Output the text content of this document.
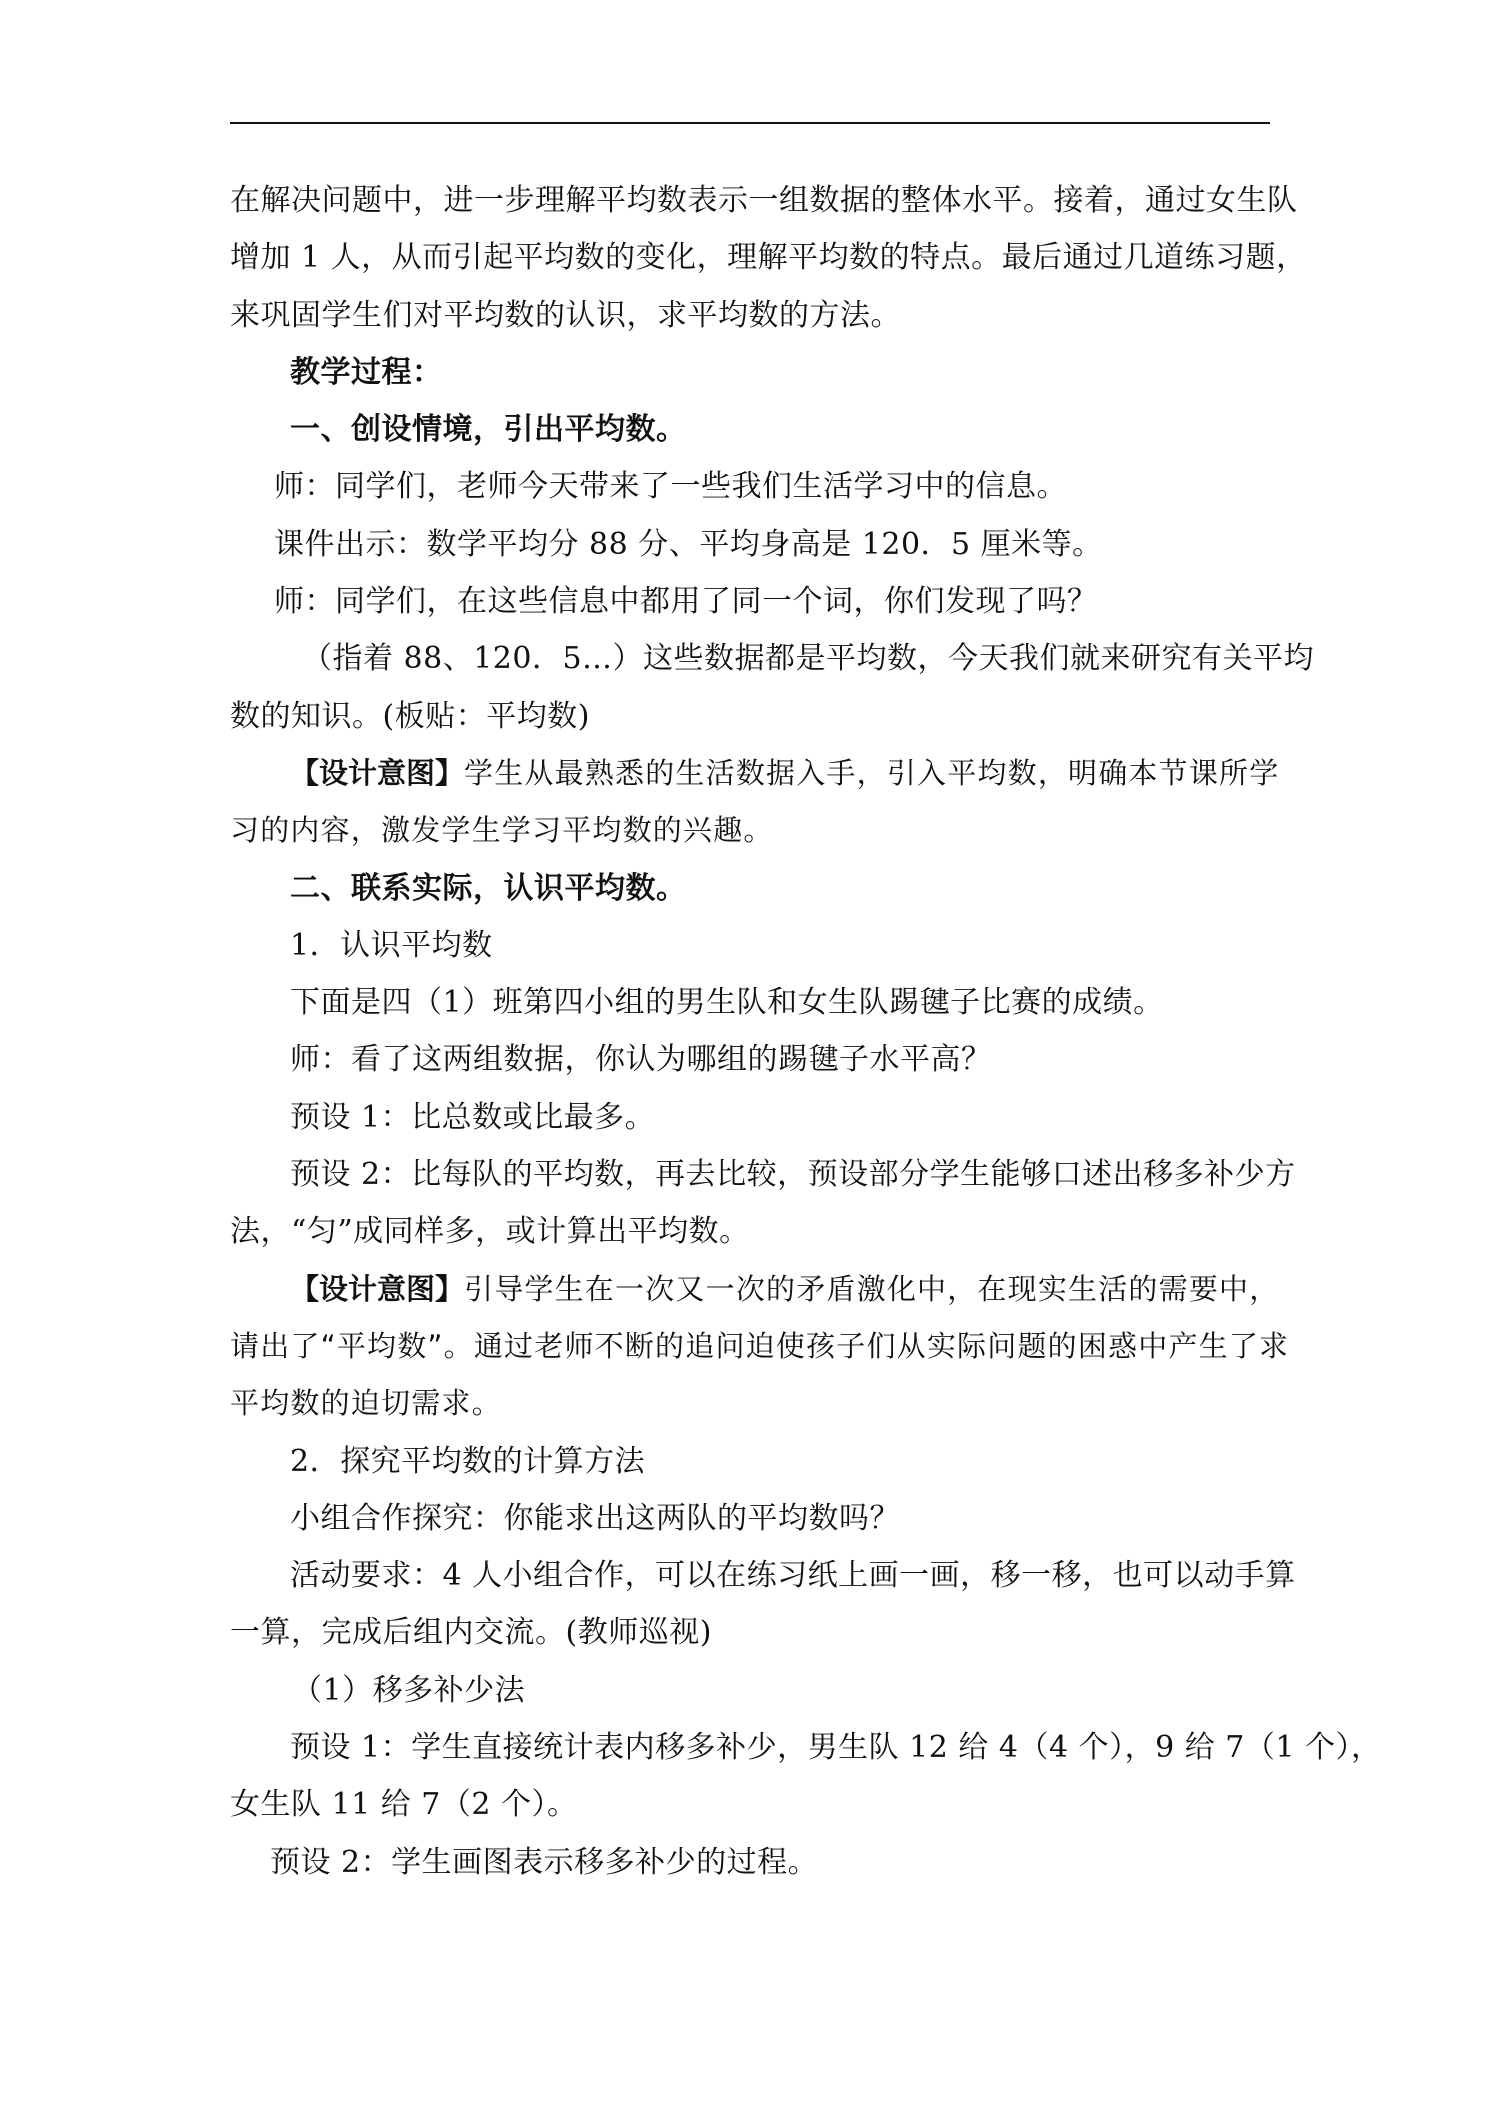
在解决问题中，进一步理解平均数表示一组数据的整体水平。接着，通过女生队
增加 1 人，从而引起平均数的变化，理解平均数的特点。最后通过几道练习题，
来巩固学生们对平均数的认识，求平均数的方法。
教学过程：
一、创设情境，引出平均数。
师：同学们，老师今天带来了一些我们生活学习中的信息。
课件出示：数学平均分 88 分、平均身高是 120．5 厘米等。
师：同学们，在这些信息中都用了同一个词，你们发现了吗？
（指着 88、120．5…）这些数据都是平均数，今天我们就来研究有关平均
数的知识。(板贴：平均数)
【设计意图】学生从最熟悉的生活数据入手，引入平均数，明确本节课所学
习的内容，激发学生学习平均数的兴趣。
二、联系实际，认识平均数。
1．认识平均数
下面是四（1）班第四小组的男生队和女生队踢毽子比赛的成绩。
师：看了这两组数据，你认为哪组的踢毽子水平高？
预设 1：比总数或比最多。
预设 2：比每队的平均数，再去比较，预设部分学生能够口述出移多补少方
法，“匀”成同样多，或计算出平均数。
【设计意图】引导学生在一次又一次的矛盾激化中，在现实生活的需要中，
请出了“平均数”。通过老师不断的追问迫使孩子们从实际问题的困惑中产生了求
平均数的迫切需求。
2．探究平均数的计算方法
小组合作探究：你能求出这两队的平均数吗？
活动要求：4 人小组合作，可以在练习纸上画一画，移一移，也可以动手算
一算，完成后组内交流。(教师巡视)
（1）移多补少法
预设 1：学生直接统计表内移多补少，男生队 12 给 4（4 个），9 给 7（1 个），
女生队 11 给 7（2 个）。
预设 2：学生画图表示移多补少的过程。
